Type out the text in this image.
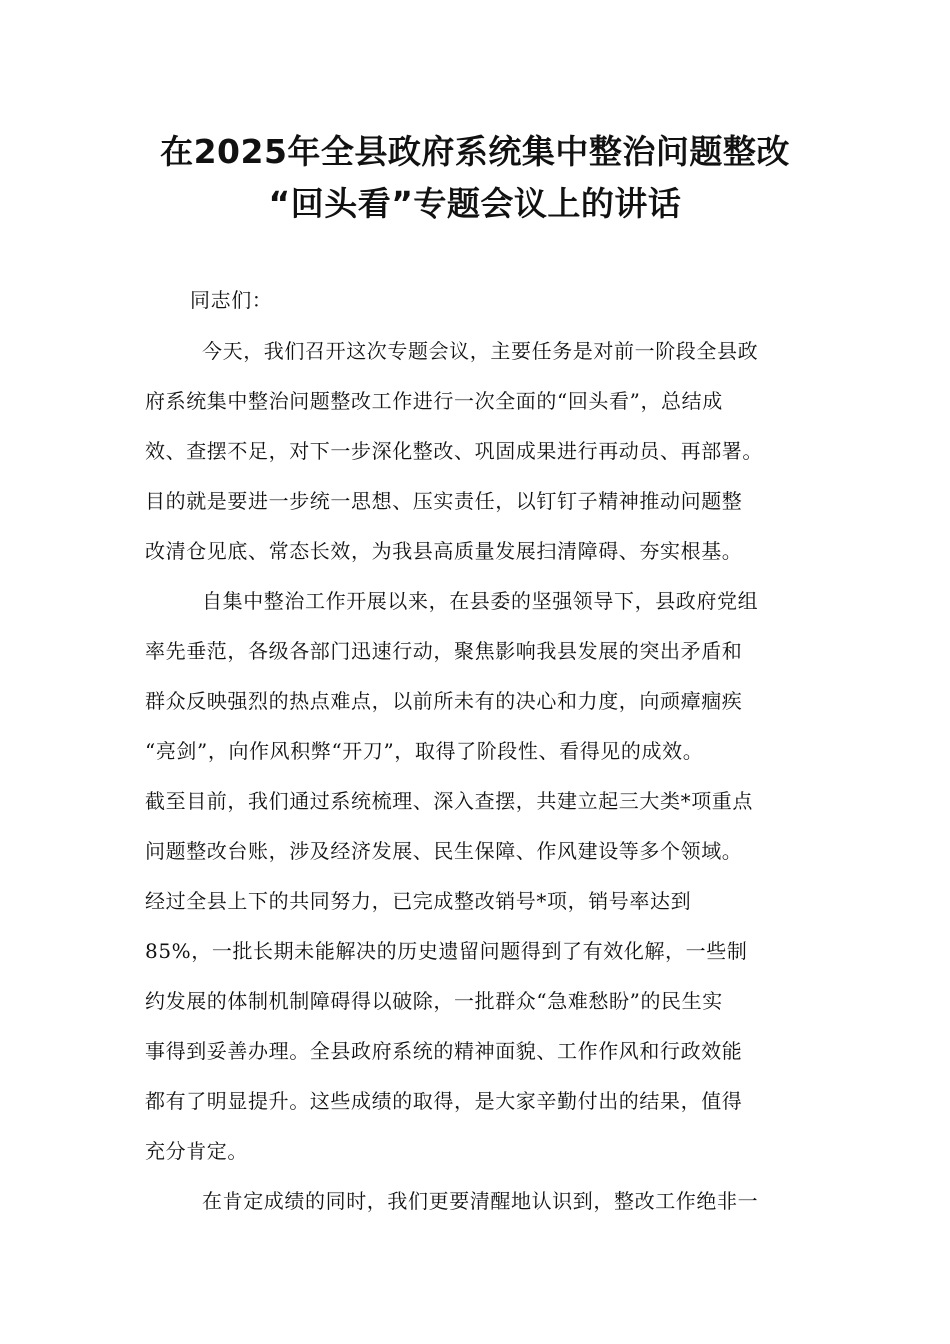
在2025年全县政府系统集中整治问题整改
“回头看”专题会议上的讲话
同志们：
今天，我们召开这次专题会议，主要任务是对前一阶段全县政
府系统集中整治问题整改工作进行一次全面的“回头看”，总结成
效、查摆不足，对下一步深化整改、巩固成果进行再动员、再部署。
目的就是要进一步统一思想、压实责任，以钉钉子精神推动问题整
改清仓见底、常态长效，为我县高质量发展扫清障碍、夯实根基。
自集中整治工作开展以来，在县委的坚强领导下，县政府党组
率先垂范，各级各部门迅速行动，聚焦影响我县发展的突出矛盾和
群众反映强烈的热点难点，以前所未有的决心和力度，向顽瘴痼疾
“亮剑”，向作风积弊“开刀”，取得了阶段性、看得见的成效。
截至目前，我们通过系统梳理、深入查摆，共建立起三大类*项重点
问题整改台账，涉及经济发展、民生保障、作风建设等多个领域。
经过全县上下的共同努力，已完成整改销号*项，销号率达到
85%，一批长期未能解决的历史遗留问题得到了有效化解，一些制
约发展的体制机制障碍得以破除，一批群众“急难愁盼”的民生实
事得到妥善办理。全县政府系统的精神面貌、工作作风和行政效能
都有了明显提升。这些成绩的取得，是大家辛勤付出的结果，值得
充分肯定。
在肯定成绩的同时，我们更要清醒地认识到，整改工作绝非一
